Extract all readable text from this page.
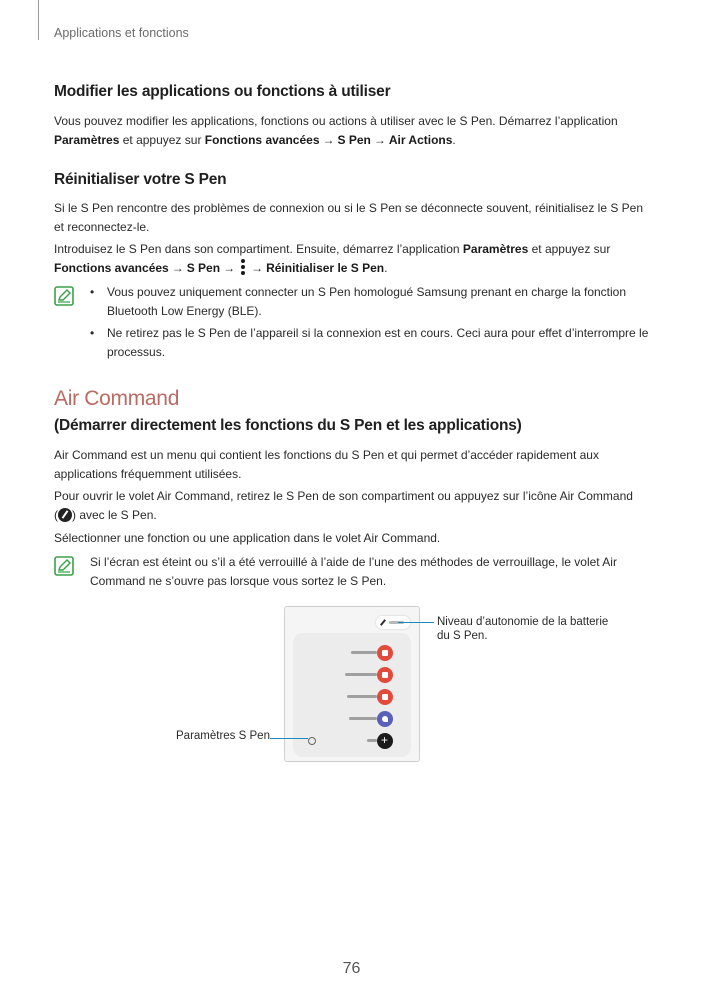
Applications et fonctions
Modifier les applications ou fonctions à utiliser
Vous pouvez modifier les applications, fonctions ou actions à utiliser avec le S Pen. Démarrez l’application Paramètres et appuyez sur Fonctions avancées → S Pen → Air Actions.
Réinitialiser votre S Pen
Si le S Pen rencontre des problèmes de connexion ou si le S Pen se déconnecte souvent, réinitialisez le S Pen et reconnectez-le.
Introduisez le S Pen dans son compartiment. Ensuite, démarrez l’application Paramètres et appuyez sur
Fonctions avancées → S Pen → → Réinitialiser le S Pen.
• Vous pouvez uniquement connecter un S Pen homologué Samsung prenant en charge la fonction Bluetooth Low Energy (BLE).
• Ne retirez pas le S Pen de l’appareil si la connexion est en cours. Ceci aura pour effet d’interrompre le processus.
Air Command
(Démarrer directement les fonctions du S Pen et les applications)
Air Command est un menu qui contient les fonctions du S Pen et qui permet d’accéder rapidement aux applications fréquemment utilisées.
Pour ouvrir le volet Air Command, retirez le S Pen de son compartiment ou appuyez sur l’icône Air Command
( ) avec le S Pen.
Sélectionner une fonction ou une application dans le volet Air Command.
Si l’écran est éteint ou s’il a été verrouillé à l’aide de l’une des méthodes de verrouillage, le volet Air Command ne s’ouvre pas lorsque vous sortez le S Pen.
+
Niveau d’autonomie de la batterie
du S Pen.
Paramètres S Pen
76
